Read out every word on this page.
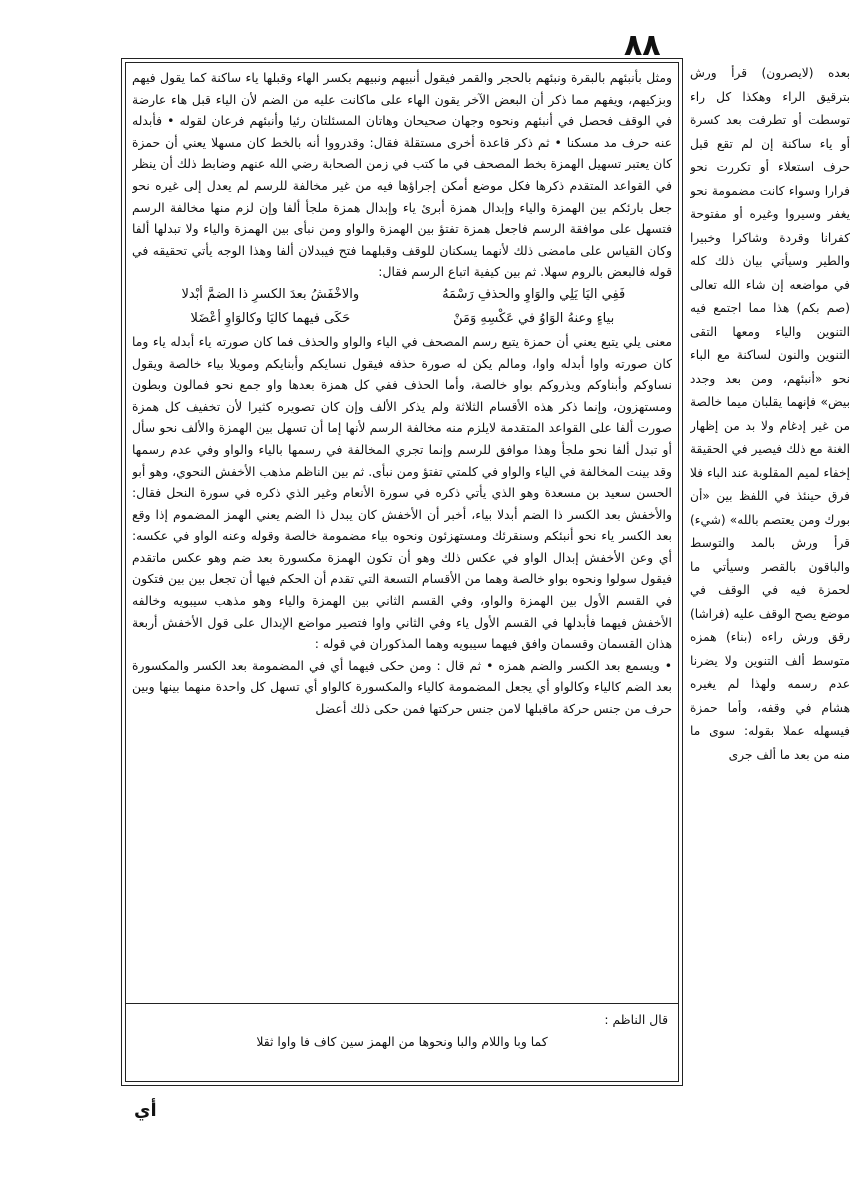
٨٨

ومثل بأنبئهم بالبقرة ونبئهم بالحجر والقمر فيقول أنبيهم ونبيهم بكسر الهاء وقبلها ياء ساكنة كما يقول فيهم وبزكيهم، ويفهم مما ذكر أن البعض الآخر يقون الهاء على ماكانت عليه من الضم لأن الياء قبل هاء عارضة في الوقف فحصل في أنبئهم ونحوه وجهان صحيحان وهاتان المسئلتان رئيا وأنبئهم فرعان لقوله • فأبدله عنه حرف مد مسكنا • ثم ذكر قاعدة أخرى مستقلة فقال: وقدرووا أنه بالخط كان مسهلا يعني أن حمزة كان يعتبر تسهيل الهمزة بخط المصحف في ما كتب في زمن الصحابة رضي الله عنهم وضابط ذلك أن ينظر في القواعد المتقدم ذكرها فكل موضع أمكن إجراؤها فيه من غير مخالفة للرسم لم يعدل إلى غيره نحو جعل بارئكم بين الهمزة والياء وإبدال همزة أبرئ ياء وإبدال همزة ملجأ ألفا وإن لزم منها مخالفة الرسم فتسهل على موافقة الرسم فاجعل همزة تفتؤ بين الهمزة والواو ومن نبأى بين الهمزة والياء ولا تبدلها ألفا وكان القياس على مامضى ذلك لأنهما يسكنان للوقف وقبلهما فتح فيبدلان ألفا وهذا الوجه يأتي تحقيقه في قوله فالبعض بالروم سهلا. ثم بين كيفية اتباع الرسم فقال:

فَفِي اليَا يَلِي والوَاوِ والحذفِ رَسْمَهُ والاخْفَشُ بعدَ الكسرِ ذا الضمَّ أبْدلا
بياءٍ وعنهُ الوَاوُ في عَكْسِهِ وَمَنْ حَكَى فيهما كاليَا وكالوَاوِ أعْضَلا

معنى يلي يتبع يعني أن حمزة يتبع رسم المصحف في الياء والواو والحذف فما كان صورته ياء أبدله ياء وما كان صورته واوا أبدله واوا، ومالم يكن له صورة حذفه فيقول نسايكم وأبنايكم ومويلا بياء خالصة ويقول نساوكم وأبناوكم ويذروكم بواو خالصة، وأما الحذف ففي كل همزة بعدها واو جمع نحو فمالون وبطون ومستهزون، وإنما ذكر هذه الأقسام الثلاثة ولم يذكر الألف وإن كان تصويره كثيرا لأن تخفيف كل همزة صورت ألفا على القواعد المتقدمة لايلزم منه مخالفة الرسم لأنها إما أن تسهل بين الهمزة والألف نحو سأل أو تبدل ألفا نحو ملجأ وهذا موافق للرسم وإنما تجري المخالفة في رسمها بالياء والواو وفي عدم رسمها وقد بينت المخالفة في الياء والواو في كلمتي تفتؤ ومن نبأى. ثم بين الناظم مذهب الأخفش النحوي، وهو أبو الحسن سعيد بن مسعدة وهو الذي يأتي ذكره في سورة الأنعام وغير الذي ذكره في سورة النحل فقال: والأخفش بعد الكسر ذا الضم أبدلا بياء، أخبر أن الأخفش كان يبدل ذا الضم يعني الهمز المضموم إذا وقع بعد الكسر ياء نحو أنبئكم وسنقرئك ومستهزئون ونحوه بياء مضمومة خالصة وقوله وعنه الواو في عكسه: أي وعن الأخفش إبدال الواو في عكس ذلك وهو أن تكون الهمزة مكسورة بعد ضم وهو عكس ماتقدم فيقول سولوا ونحوه بواو خالصة وهما من الأقسام التسعة التي تقدم أن الحكم فيها أن تجعل بين بين فتكون في القسم الأول بين الهمزة والواو، وفي القسم الثاني بين الهمزة والياء وهو مذهب سيبويه وخالفه الأخفش فيهما فأبدلها في القسم الأول ياء وفي الثاني واوا فتصير مواضع الإبدال على قول الأخفش أربعة هذان القسمان وقسمان وافق فيهما سيبويه وهما المذكوران في قوله :

• ويسمع بعد الكسر والضم همزه • ثم قال : ومن حكى فيهما أي في المضمومة بعد الكسر والمكسورة بعد الضم كالياء وكالواو أي يجعل المضمومة كالياء والمكسورة كالواو أي تسهل كل واحدة منهما بينها وبين حرف من جنس حركة ماقبلها لامن جنس حركتها فمن حكى ذلك أعضل

قال الناظم :
كما وبا واللام والبا ونحوها من الهمز سين كاف فا واوا ثقلا

بعده (لايصرون) قرأ ورش بترقيق الراء وهكذا كل راء توسطت أو تطرفت بعد كسرة أو ياء ساكنة إن لم تقع قبل حرف استعلاء أو تكررت نحو فرارا وسواء كانت مضمومة نحو يغفر وسيروا وغيره أو مفتوحة كفرانا وقردة وشاكرا وخبيرا والطير وسيأتي بيان ذلك كله في مواضعه إن شاء الله تعالى (صم بكم) هذا مما اجتمع فيه التنوين والياء ومعها التقى التنوين والنون لساكنة مع الباء نحو «أنبئهم، ومن بعد وجدد بيض» فإنهما يقلبان ميما خالصة من غير إدغام ولا بد من إظهار الغنة مع ذلك فيصير في الحقيقة إخفاء لميم المقلوبة عند الباء فلا فرق حينئذ في اللفظ بين «أن بورك ومن يعتصم بالله» (شيء) قرأ ورش بالمد والتوسط والباقون بالقصر وسيأتي ما لحمزة فيه في الوقف في موضع يصح الوقف عليه (فراشا) رقق ورش راءه (بناء) همزه متوسط ألف التنوين ولا يضرنا عدم رسمه ولهذا لم يغيره هشام في وقفه، وأما حمزة فيسهله عملا بقوله: سوى ما منه من بعد ما ألف جرى

أي
